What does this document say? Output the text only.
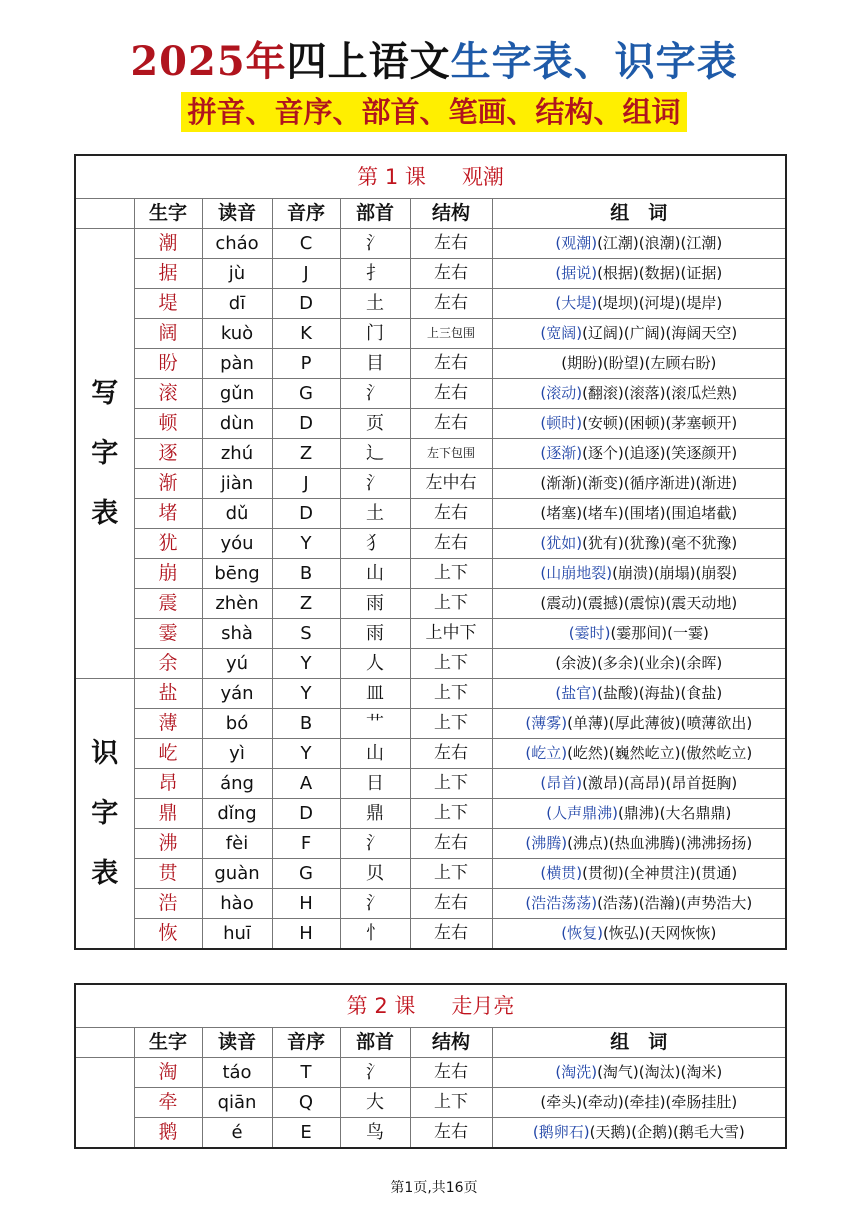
2025年四上语文生字表、识字表
拼音、音序、部首、笔画、结构、组词
第 1 课 观潮						
	生字	读音	音序	部首	结构	组　词

写
字
表	潮	cháo	C	氵	左右	(观潮)(江潮)(浪潮)(江潮)
	据	jù	J	扌	左右	(据说)(根据)(数据)(证据)
	堤	dī	D	土	左右	(大堤)(堤坝)(河堤)(堤岸)
	阔	kuò	K	门	上三包围	(宽阔)(辽阔)(广阔)(海阔天空)
	盼	pàn	P	目	左右	(期盼)(盼望)(左顾右盼)
	滚	gǔn	G	氵	左右	(滚动)(翻滚)(滚落)(滚瓜烂熟)
	顿	dùn	D	页	左右	(顿时)(安顿)(困顿)(茅塞顿开)
	逐	zhú	Z	辶	左下包围	(逐渐)(逐个)(追逐)(笑逐颜开)
	渐	jiàn	J	氵	左中右	(渐渐)(渐变)(循序渐进)(渐进)
	堵	dǔ	D	土	左右	(堵塞)(堵车)(围堵)(围追堵截)
	犹	yóu	Y	犭	左右	(犹如)(犹有)(犹豫)(毫不犹豫)
	崩	bēng	B	山	上下	(山崩地裂)(崩溃)(崩塌)(崩裂)
	震	zhèn	Z	雨	上下	(震动)(震撼)(震惊)(震天动地)
	霎	shà	S	雨	上中下	(霎时)(霎那间)(一霎)
	余	yú	Y	人	上下	(余波)(多余)(业余)(余晖)

识
字
表	盐	yán	Y	皿	上下	(盐官)(盐酸)(海盐)(食盐)
	薄	bó	B	艹	上下	(薄雾)(单薄)(厚此薄彼)(喷薄欲出)
	屹	yì	Y	山	左右	(屹立)(屹然)(巍然屹立)(傲然屹立)
	昂	áng	A	日	上下	(昂首)(激昂)(高昂)(昂首挺胸)
	鼎	dǐng	D	鼎	上下	(人声鼎沸)(鼎沸)(大名鼎鼎)
	沸	fèi	F	氵	左右	(沸腾)(沸点)(热血沸腾)(沸沸扬扬)
	贯	guàn	G	贝	上下	(横贯)(贯彻)(全神贯注)(贯通)
	浩	hào	H	氵	左右	(浩浩荡荡)(浩荡)(浩瀚)(声势浩大)
	恢	huī	H	忄	左右	(恢复)(恢弘)(天网恢恢)
第 2 课 走月亮						
	生字	读音	音序	部首	结构	组　词
	淘	táo	T	氵	左右	(淘洗)(淘气)(淘汰)(淘米)
	牵	qiān	Q	大	上下	(牵头)(牵动)(牵挂)(牵肠挂肚)
	鹅	é	E	鸟	左右	(鹅卵石)(天鹅)(企鹅)(鹅毛大雪)
第1页,共16页
